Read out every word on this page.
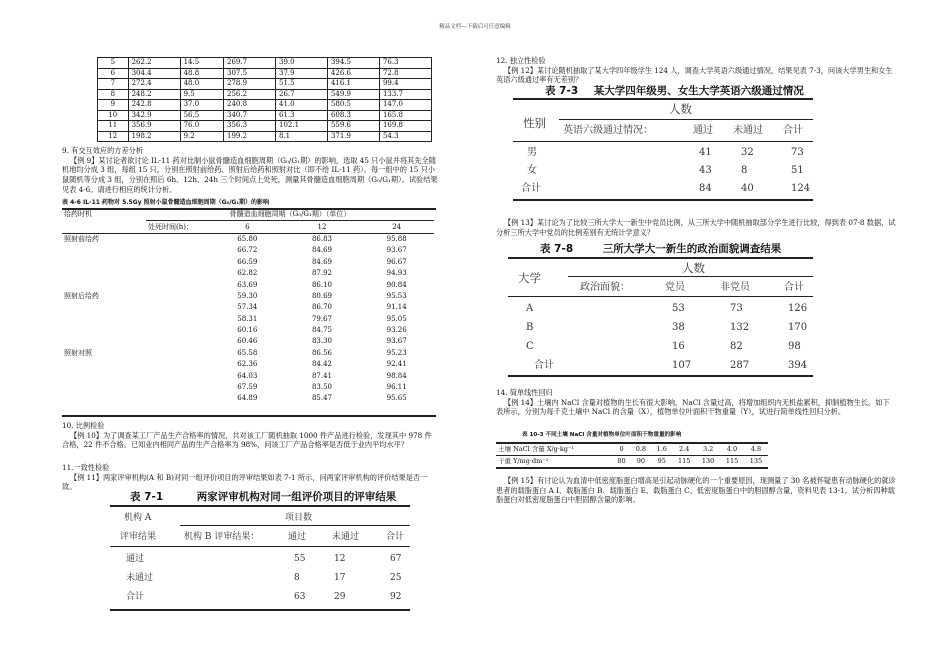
精品文档---下载后可任意编辑
5	262.2	14.5	269.7	39.0	394.5	76.3
6	304.4	48.8	307.5	37.9	426.6	72.8
7	272.4	48.0	278.9	51.5	416.1	99.4
8	248.2	9.5	256.2	26.7	549.9	133.7
9	242.8	37.0	240.8	41.0	580.5	147.0
10	342.9	56.5	340.7	61.3	608.3	165.8
11	356.9	76.0	356.3	102.1	559.6	169.8
12	198.2	9.2	199.2	8.1	371.9	54.3

9. 有交互效应的方差分析

【例 9】某讨论者欲讨论 IL-11 药对比制小鼠骨髓造血细胞周期（G₀/G₁期）的影响，选取 45 只小鼠并将其先全随机地均分成 3 组，每组 15 只，分别在照射前给药、照射后给药和照射对比（即不给 IL-11 药）。每一组中的 15 只小鼠随机等分成 3 组，分别在照后 6h、12h、24h 三个时间点上处死，测量其骨髓造血细胞周期（G₀/G₁期）。试验结果见表 4-6。请进行相应的统计分析。

表 4-6 IL-11 药物对 5.5Gy 照射小鼠骨髓造血细胞周期（G₀/G₁期）的影响
给药时机	骨髓造血细胞周期（G₀/G₁期）（单位）			
	处死时间(h)：	6	12	24
照射前给药		65.80	86.83	95.88
		66.72	84.69	93.67
		66.59	84.69	96.67
		62.82	87.92	94.93
		63.69	86.10	90.84
照射后给药		59.30	80.69	95.53
		57.34	86.70	91.14
		58.31	79.67	95.05
		60.16	84.75	93.26
		60.46	83.30	93.67
照射对照		65.58	86.56	95.23
		62.36	84.42	92.41
		64.03	87.41	98.84
		67.59	83.50	96.11
		64.89	85.47	95.65

10. 比例检验

【例 10】为了调查某工厂产品生产合格率的情况，共对该工厂随机抽取 1000 件产品进行检验，发现其中 978 件合格，22 件不合格。已知业内相同产品的生产合格率为 98%，问该工厂产品合格率是否低于业内平均水平？

11.一致性检验

【例 11】两家评审机构(A 和 B)对同一组评价项目的评审结果如表 7-1 所示，问两家评审机构的评价结果是否一致。

表 7-1	两家评审机构对同一组评价项目的评审结果
机构 A	项目数
评审结果	机构 B 评审结果：	通过	未通过	合计
通过	55	12	67
未通过	8	17	25
合计	63	29	92

12. 独立性检验

【例 12】某讨论随机抽取了某大学四年级学生 124 人，调查大学英语六级通过情况，结果见表 7-3，问该大学男生和女生英语六级通过率有无差别？

表 7-3 某大学四年级男、女生大学英语六级通过情况
人数
性别
英语六级通过情况：	通过 未通过 合计
男	41	32	73
女	43	8	51
合计	84	40	124

【例 13】某讨论为了比较三所大学大一新生中党员比例，从三所大学中随机抽取部分学生进行比较，得到表 07-8 数据，试分析三所大学中党员的比例差别有无统计学意义？

表 7-8	三所大学大一新生的政治面貌调查结果
人数
大学
政治面貌：	党员	非党员	合计
A	53	73	126
B	38	132	170
C	16	82	98
合计	107	287	394

14. 简单线性回归

【例 14】土壤内 NaCl 含量对植物的生长有很大影响，NaCl 含量过高，将增加组织内无机盐累积，抑制植物生长。如下表所示，分别为每千克土壤中 NaCl 的含量（X），植物单位叶面积干物重量（Y），试进行简单线性回归分析。

表 10-3 不同土壤 NaCl 含量对植物单位叶面积干物重量的影响
土壤 NaCl 含量 X/g·kg⁻¹	0	0.8	1.6	2.4	3.2	4.0	4.8
干重 Y/mg·dm⁻²	80	90	95	115	130	115	135

【例 15】有讨论认为血清中低密度脂蛋白增高是引起动脉硬化的一个重要原因，现测量了 30 名被怀疑患有动脉硬化的就诊患者的载脂蛋白 A Ⅰ、载脂蛋白 B、载脂蛋白 E、载脂蛋白 C、低密度脂蛋白中的胆固醇含量，资料见表 13-1。试分析四种载脂蛋白对低密度脂蛋白中胆固醇含量的影响。
